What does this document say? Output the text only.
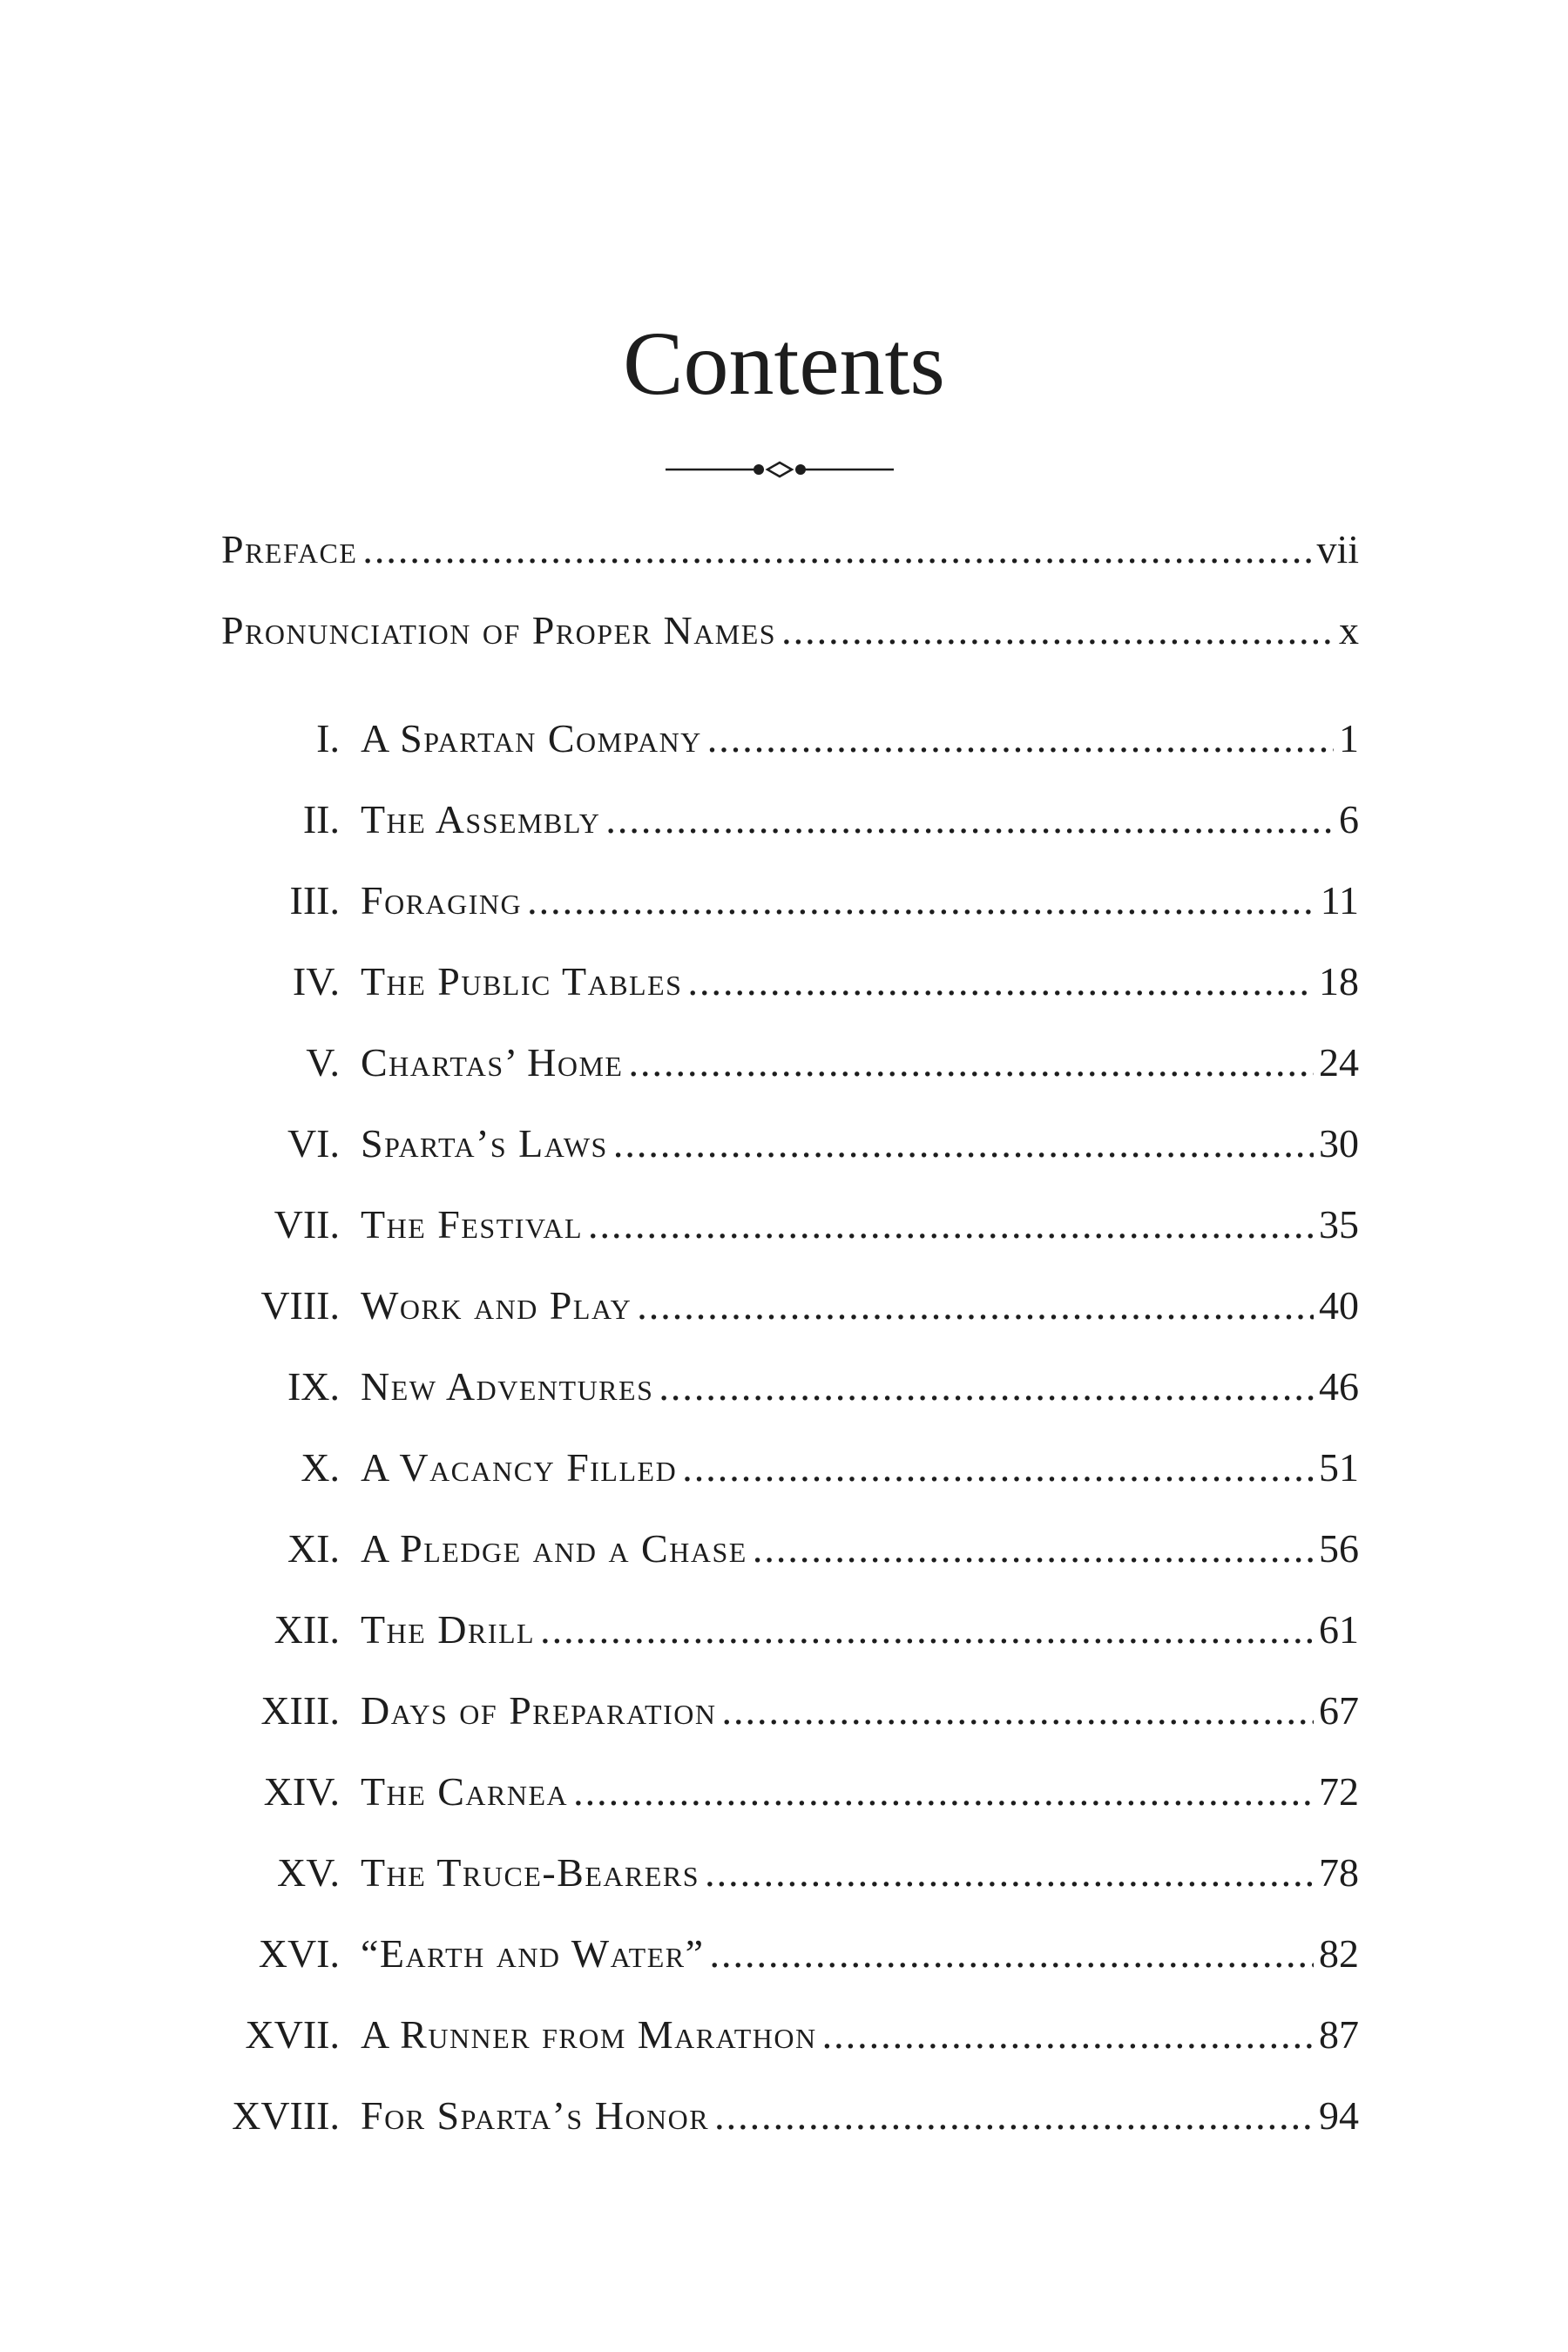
Contents
Preface .....	vii
Pronunciation of Proper Names .....	x
I. A Spartan Company .....	1
II. The Assembly .....	6
III. Foraging .....	11
IV. The Public Tables .....	18
V. Chartas’ Home .....	24
VI. Sparta’s Laws .....	30
VII. The Festival .....	35
VIII. Work and Play .....	40
IX. New Adventures .....	46
X. A Vacancy Filled .....	51
XI. A Pledge and a Chase .....	56
XII. The Drill .....	61
XIII. Days of Preparation .....	67
XIV. The Carnea .....	72
XV. The Truce-Bearers .....	78
XVI. “Earth and Water” .....	82
XVII. A Runner from Marathon .....	87
XVIII. For Sparta’s Honor .....	94
